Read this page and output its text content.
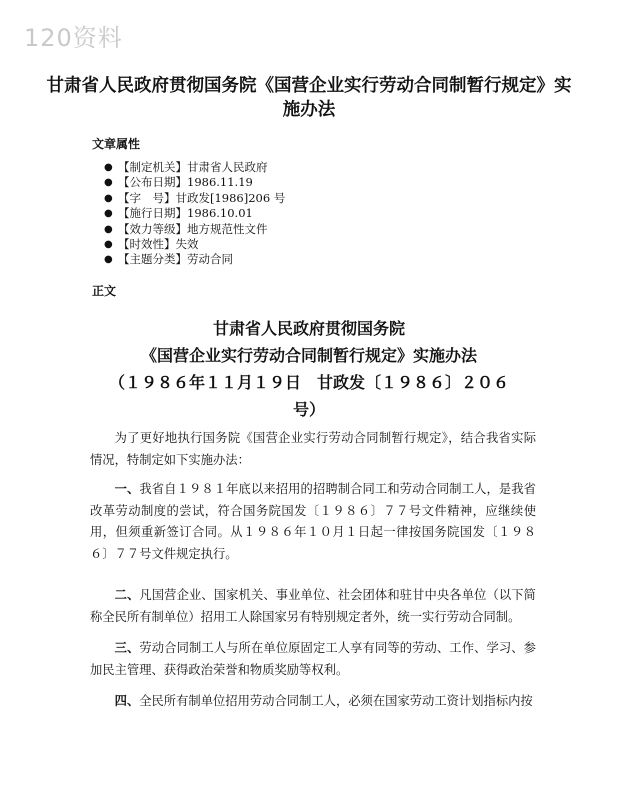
120资料
甘肃省人民政府贯彻国务院《国营企业实行劳动合同制暂行规定》实施办法
文章属性
● 【制定机关】甘肃省人民政府
● 【公布日期】1986.11.19
● 【字　号】甘政发[1986]206 号
● 【施行日期】1986.10.01
● 【效力等级】地方规范性文件
● 【时效性】失效
● 【主题分类】劳动合同
正文
甘肃省人民政府贯彻国务院
《国营企业实行劳动合同制暂行规定》实施办法
（１９８６年１１月１９日　甘政发〔１９８６〕２０６
号）

为了更好地执行国务院《国营企业实行劳动合同制暂行规定》，结合我省实际情况，特制定如下实施办法：

一、我省自１９８１年底以来招用的招聘制合同工和劳动合同制工人，是我省改革劳动制度的尝试，符合国务院国发〔１９８６〕７７号文件精神，应继续使用，但须重新签订合同。从１９８６年１０月１日起一律按国务院国发〔１９８６〕７７号文件规定执行。

二、凡国营企业、国家机关、事业单位、社会团体和驻甘中央各单位（以下简称全民所有制单位）招用工人除国家另有特别规定者外，统一实行劳动合同制。

三、劳动合同制工人与所在单位原固定工人享有同等的劳动、工作、学习、参加民主管理、获得政治荣誉和物质奖励等权利。

四、全民所有制单位招用劳动合同制工人，必须在国家劳动工资计划指标内按
